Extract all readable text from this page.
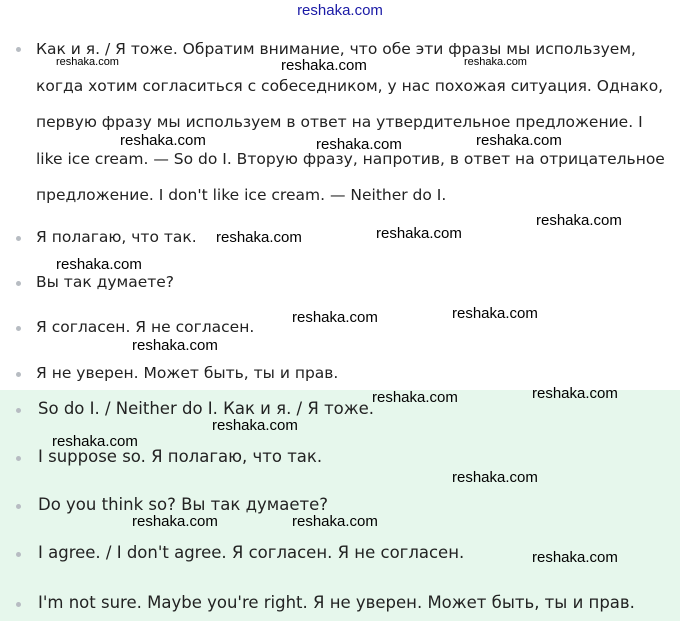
reshaka.com
Как и я. / Я тоже. Обратим внимание, что обе эти фразы мы используем, когда хотим согласиться с собеседником, у нас похожая ситуация. Однако, первую фразу мы используем в ответ на утвердительное предложение. I like ice cream. — So do I. Вторую фразу, напротив, в ответ на отрицательное предложение. I don't like ice cream. — Neither do I.
Я полагаю, что так.
Вы так думаете?
Я согласен. Я не согласен.
Я не уверен. Может быть, ты и прав.
So do I. / Neither do I. Как и я. / Я тоже.
I suppose so. Я полагаю, что так.
Do you think so? Вы так думаете?
I agree. / I don't agree. Я согласен. Я не согласен.
I'm not sure. Maybe you're right. Я не уверен. Может быть, ты и прав.
reshaka.com	reshaka.com	reshaka.com
reshaka.com	reshaka.com	reshaka.com
reshaka.com
reshaka.com	reshaka.com
reshaka.com
reshaka.com	reshaka.com
reshaka.com
reshaka.com	reshaka.com
reshaka.com
reshaka.com
reshaka.com
reshaka.com	reshaka.com
reshaka.com
